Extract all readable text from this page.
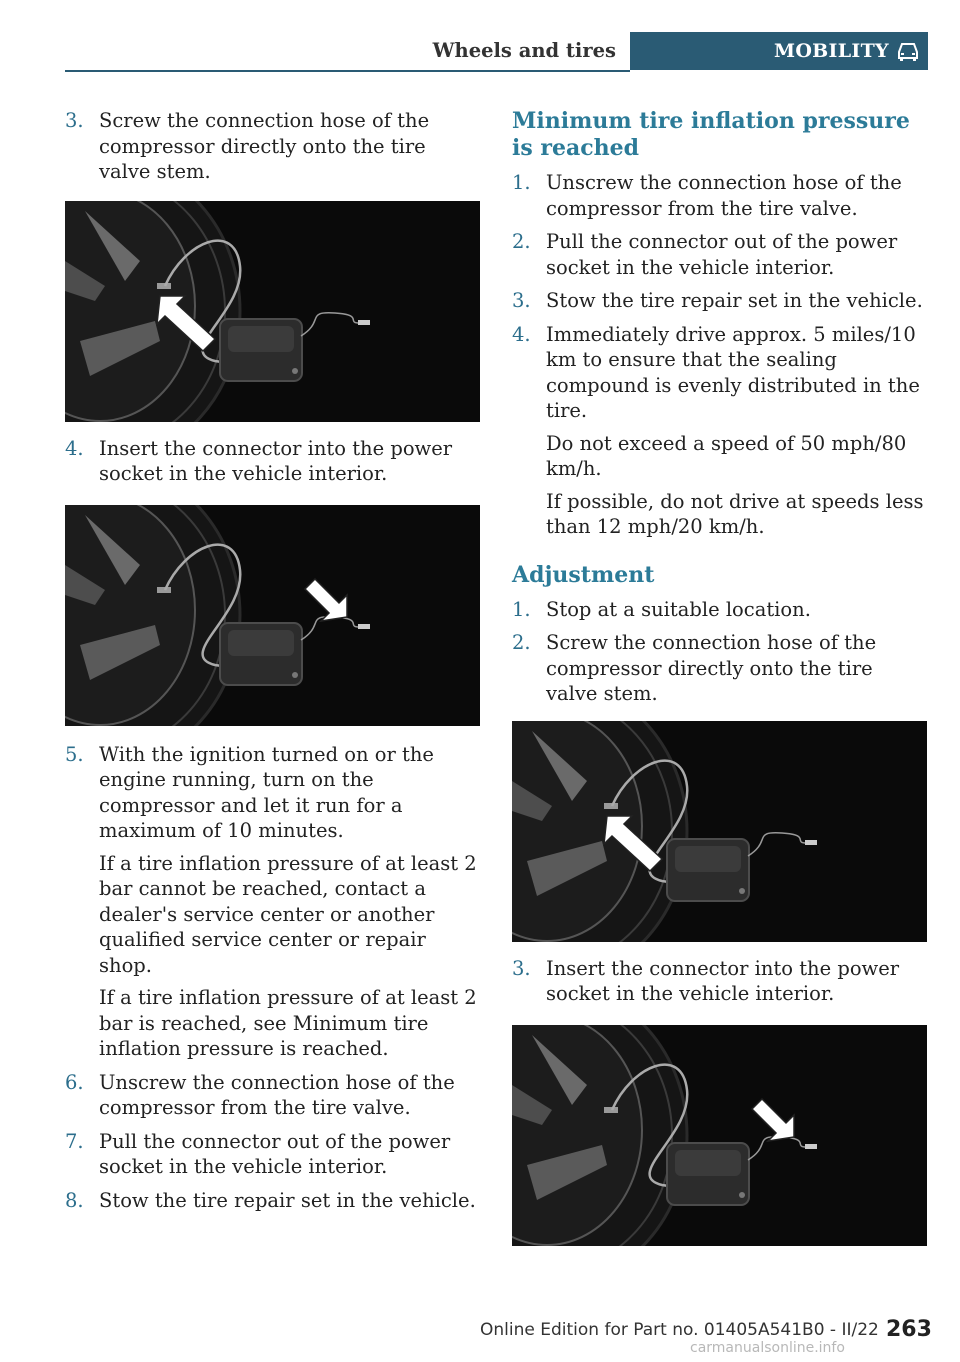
Wheels and tires	MOBILITY
3. Screw the connection hose of the compressor directly onto the tire valve stem.

4. Insert the connector into the power socket in the vehicle interior.

5. With the ignition turned on or the engine running, turn on the compressor and let it run for a maximum of 10 minutes.

If a tire inflation pressure of at least 2 bar cannot be reached, contact a dealer's service center or another qualified service center or repair shop.

If a tire inflation pressure of at least 2 bar is reached, see Minimum tire inflation pressure is reached.

6. Unscrew the connection hose of the compressor from the tire valve.

7. Pull the connector out of the power socket in the vehicle interior.

8. Stow the tire repair set in the vehicle.

Minimum tire inflation pressure is reached
1. Unscrew the connection hose of the compressor from the tire valve.

2. Pull the connector out of the power socket in the vehicle interior.

3. Stow the tire repair set in the vehicle.

4. Immediately drive approx. 5 miles/10 km to ensure that the sealing compound is evenly distributed in the tire.

Do not exceed a speed of 50 mph/80 km/h.

If possible, do not drive at speeds less than 12 mph/20 km/h.

Adjustment
1. Stop at a suitable location.

2. Screw the connection hose of the compressor directly onto the tire valve stem.

3. Insert the connector into the power socket in the vehicle interior.

263
Online Edition for Part no. 01405A541B0 - II/22
carmanualsonline.info
